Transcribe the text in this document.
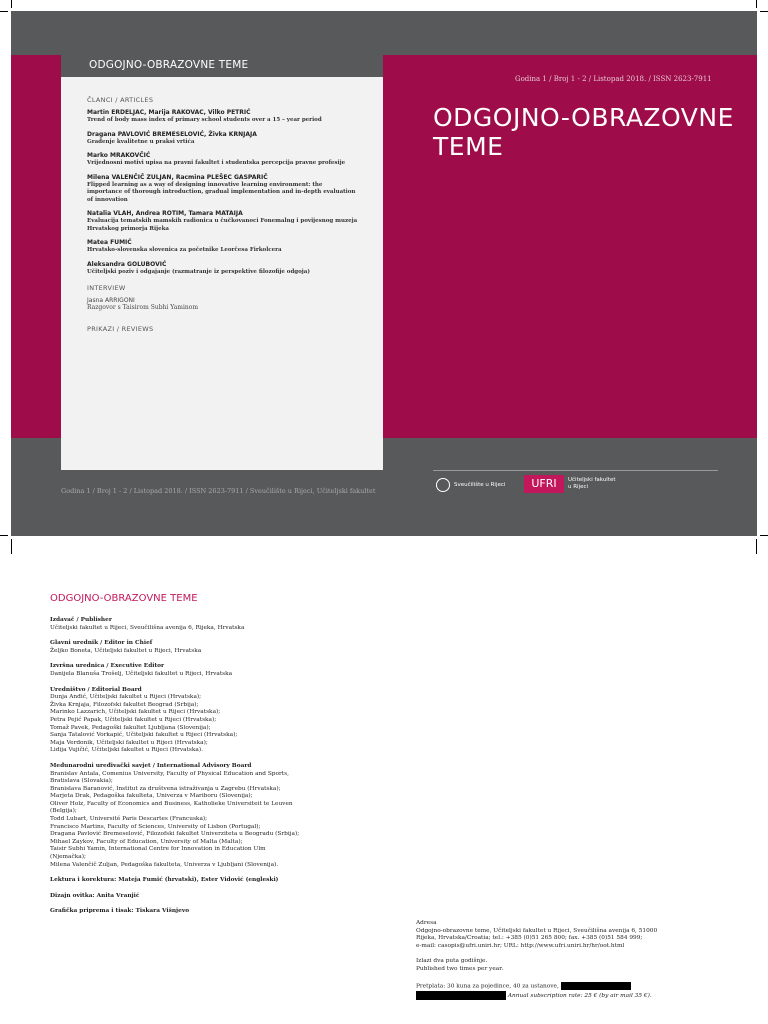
ODGOJNO-OBRAZOVNE TEME
ČLANCI / ARTICLES
Martin ERDELJAC, Marija RAKOVAC, Vilko PETRIĆ
Trend of body mass index of primary school students over a 15 – year period
Dragana PAVLOVIĆ BREMESELOVIĆ, Živka KRNJAJA
Građenje kvalitetne u praksi vrtića
Marko MRAKOVČIĆ
Vrijednosni motivi upisa na pravni fakultet i studentska percepcija pravne profesije
Milena VALENČIČ ZULJAN, Racmina PLEŠEC GASPARIČ
Flipped learning as a way of designing innovative learning environment: the importance of thorough introduction, gradual implementation and in-depth evaluation of innovation
Natalia VLAH, Andrea ROTIM, Tamara MATAIJA
Evaluacija tematskih mamskih radionica u čučkovanoci Fonemalng i povijesnog muzeja Hrvatskog primorja Rijeka
Matea FUMIĆ
Hrvatsko-slovenska slovenica za početnike Leorčesa Firkolcera
Aleksandra GOLUBOVIĆ
Učiteljski poziv i odgajanje (razmatranje iz perspektive filozofije odgoja)
INTERVIEW
Jasna ARRIGONI
Razgovor s Taisirom Subhi Yaminom
PRIKAZI / REVIEWS
Godina 1 / Broj 1 - 2 / Listopad 2018. / ISSN 2623-7911
ODGOJNO-OBRAZOVNE
TEME
Godina 1 / Broj 1 - 2 / Listopad 2018. / ISSN 2623-7911 / Sveučilište u Rijeci, Učiteljski fakultet
Sveučilište u Rijeci	UFRI	Učiteljski fakultet
u Rijeci
ODGOJNO-OBRAZOVNE TEME
Izdavač / Publisher
Učiteljski fakultet u Rijeci, Sveučilišna avenija 6, Rijeka, Hrvatska
Glavni urednik / Editor in Chief
Željko Boneta, Učiteljski fakultet u Rijeci, Hrvatska
Izvršna urednica / Executive Editor
Danijela Blanuša Trošelj, Učiteljski fakultet u Rijeci, Hrvatska
Uredništvo / Editorial Board
Dunja Anđić, Učiteljski fakultet u Rijeci (Hrvatska);
Živka Krnjaja, Filozofski fakultet Beograd (Srbija);
Marinko Lazzarich, Učiteljski fakultet u Rijeci (Hrvatska);
Petra Pejić Papak, Učiteljski fakultet u Rijeci (Hrvatska);
Tomaž Pavek, Pedagoški fakultet Ljubljana (Slovenija);
Sanja Tatalović Vorkapić, Učiteljski fakultet u Rijeci (Hrvatska);
Maja Verdonik, Učiteljski fakultet u Rijeci (Hrvatska);
Lidija Vujičić, Učiteljski fakultet u Rijeci (Hrvatska).
Međunarodni uređivački savjet / International Advisory Board
Branislav Antala, Comenius University, Faculty of Physical Education and Sports,
Bratislava (Slovakia);
Branislava Baranović, Institut za društvena istraživanja u Zagrebu (Hrvatska);
Marjeta Drak, Pedagoška fakulteta, Univerza v Mariboru (Slovenija);
Oliver Holz, Faculty of Economics and Business, Katholieke Universiteit te Leuven
(Belgija);
Todd Lubart, Université Paris Descartes (Francuska);
Francisco Martins, Faculty of Sciences, University of Lisbon (Portugal);
Dragana Pavlović Bremeselović, Filozofski fakultet Univerziteta u Beogradu (Srbija);
Mihael Zaykov, Faculty of Education, University of Malta (Malta);
Taisir Subhi Yamin, International Centre for Innovation in Education Ulm
(Njemačka);
Milena Valenčič Zuljan, Pedagoška fakulteta, Univerza v Ljubljani (Slovenija).
Lektura i korektura: Mateja Fumić (hrvatski), Ester Vidović (engleski)
Dizajn ovitka: Anita Vranjić
Grafička priprema i tisak: Tiskara Višnjevo
Adresa
Odgojno-obrazovne teme, Učiteljski fakultet u Rijeci, Sveučilišna avenija 6, 51000
Rijeka, Hrvatska/Croatia; tel.: +385 (0)51 265 800; fax. +385 (0)51 584 999;
e-mail: casopis@ufri.uniri.hr; URL: http://www.ufri.uniri.hr/hr/oot.html
Izlazi dva puta godišnje.
Published two times per year.
Pretplata: 30 kuna za pojedince, 40 za ustanove,
Annual subscription rate: 25 € (by air mail 35 €).
